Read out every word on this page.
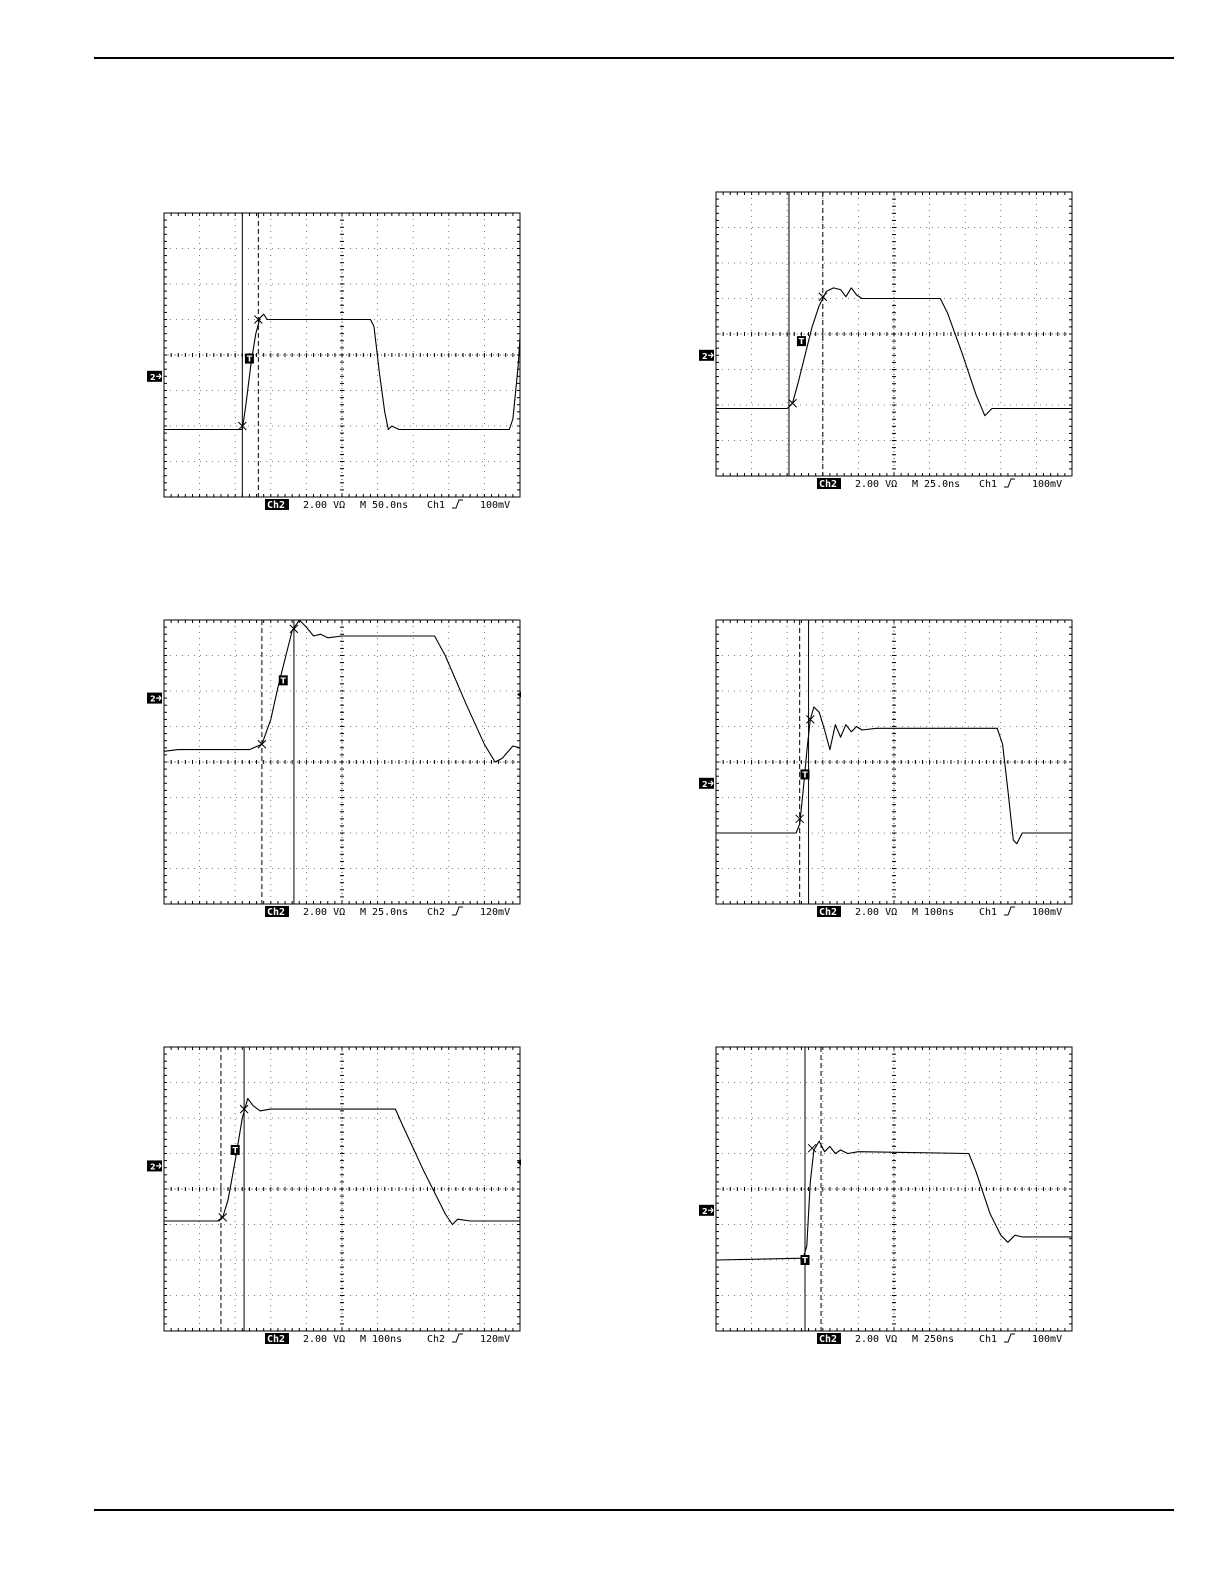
T
2
Ch2 2.00 VΩ M 50.0ns Ch1	100mV
T
2
Ch2 2.00 VΩ M 25.0ns Ch1	100mV
T
2
Ch2 2.00 VΩ M 25.0ns Ch2	120mV
T
2
Ch2 2.00 VΩ M 100ns Ch1	100mV
T
2
Ch2 2.00 VΩ M 100ns Ch2	120mV
T
2
Ch2 2.00 VΩ M 250ns Ch1	100mV
